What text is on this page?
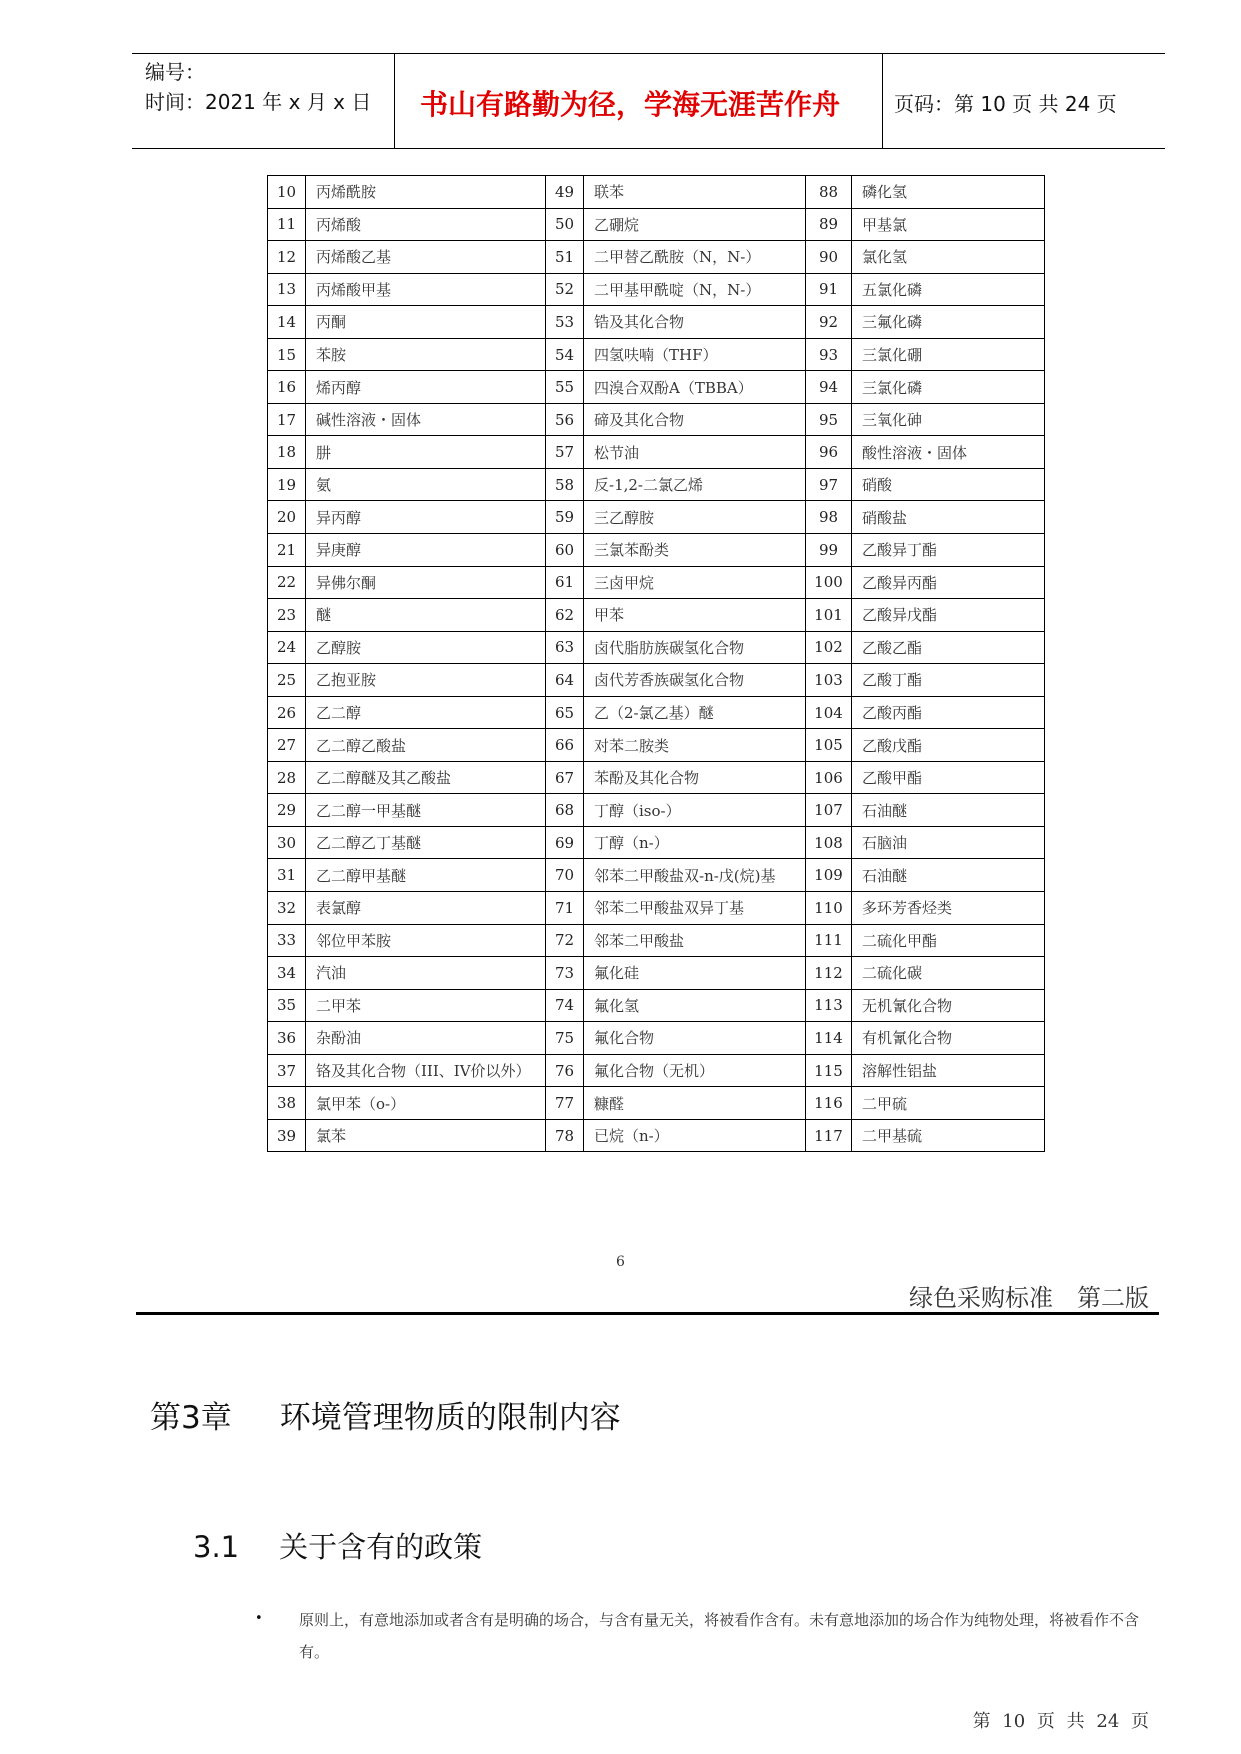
编号：
时间：2021 年 x 月 x 日 书山有路勤为径，学海无涯苦作舟	页码：第 10 页 共 24 页
10	丙烯酰胺	49	联苯	88	磷化氢
11	丙烯酸	50	乙硼烷	89	甲基氯
12	丙烯酸乙基	51	二甲替乙酰胺（N，N-）	90	氯化氢
13	丙烯酸甲基	52	二甲基甲酰啶（N，N-）	91	五氯化磷
14	丙酮	53	锆及其化合物	92	三氟化磷
15	苯胺	54	四氢呋喃（THF）	93	三氯化硼
16	烯丙醇	55	四溴合双酚A（TBBA）	94	三氯化磷
17	碱性溶液・固体	56	碲及其化合物	95	三氧化砷
18	肼	57	松节油	96	酸性溶液・固体
19	氨	58	反-1,2-二氯乙烯	97	硝酸
20	异丙醇	59	三乙醇胺	98	硝酸盐
21	异庚醇	60	三氯苯酚类	99	乙酸异丁酯
22	异佛尔酮	61	三卤甲烷	100	乙酸异丙酯
23	醚	62	甲苯	101	乙酸异戊酯
24	乙醇胺	63	卤代脂肪族碳氢化合物	102	乙酸乙酯
25	乙抱亚胺	64	卤代芳香族碳氢化合物	103	乙酸丁酯
26	乙二醇	65	乙（2-氯乙基）醚	104	乙酸丙酯
27	乙二醇乙酸盐	66	对苯二胺类	105	乙酸戊酯
28	乙二醇醚及其乙酸盐	67	苯酚及其化合物	106	乙酸甲酯
29	乙二醇一甲基醚	68	丁醇（iso-）	107	石油醚
30	乙二醇乙丁基醚	69	丁醇（n-）	108	石脑油
31	乙二醇甲基醚	70	邻苯二甲酸盐双-n-戊(烷)基	109	石油醚
32	表氯醇	71	邻苯二甲酸盐双异丁基	110	多环芳香烃类
33	邻位甲苯胺	72	邻苯二甲酸盐	111	二硫化甲酯
34	汽油	73	氟化硅	112	二硫化碳
35	二甲苯	74	氟化氢	113	无机氰化合物
36	杂酚油	75	氟化合物	114	有机氰化合物
37	铬及其化合物（III、IV价以外）	76	氟化合物（无机）	115	溶解性铝盐
38	氯甲苯（o-）	77	糠醛	116	二甲硫
39	氯苯	78	已烷（n-）	117	二甲基硫
6
绿色采购标准　第二版
第3章 环境管理物质的限制内容
3.1 关于含有的政策
• 原则上，有意地添加或者含有是明确的场合，与含有量无关，将被看作含有。未有意地添加的场合作为纯物处理，将被看作不含有。
第 10 页 共 24 页
